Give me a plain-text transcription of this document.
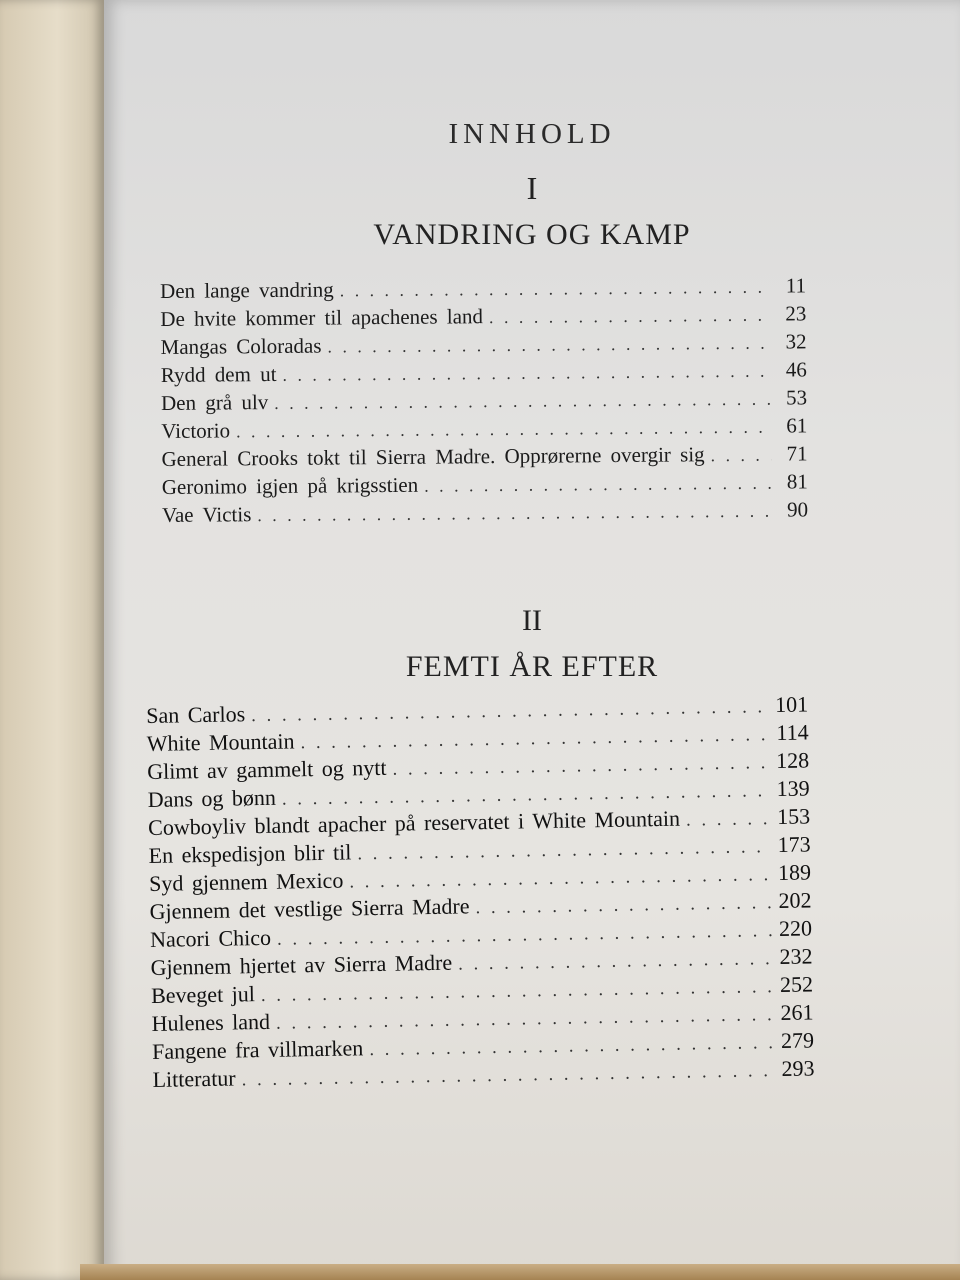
INNHOLD
I
VANDRING OG KAMP
Den lange vandring . . .	11
De hvite kommer til apachenes land . . .	23
Mangas Coloradas . . .	32
Rydd dem ut . . .	46
Den grå ulv . . .	53
Victorio . . .	61
General Crooks tokt til Sierra Madre. Opprørerne overgir sig . . .	71
Geronimo igjen på krigsstien . . .	81
Vae Victis . . .	90
II
FEMTI ÅR EFTER
San Carlos . . .	101
White Mountain . . .	114
Glimt av gammelt og nytt . . .	128
Dans og bønn . . .	139
Cowboyliv blandt apacher på reservatet i White Mountain . . .	153
En ekspedisjon blir til . . .	173
Syd gjennem Mexico . . .	189
Gjennem det vestlige Sierra Madre . . .	202
Nacori Chico . . .	220
Gjennem hjertet av Sierra Madre . . .	232
Beveget jul . . .	252
Hulenes land . . .	261
Fangene fra villmarken . . .	279
Litteratur . . .	293
